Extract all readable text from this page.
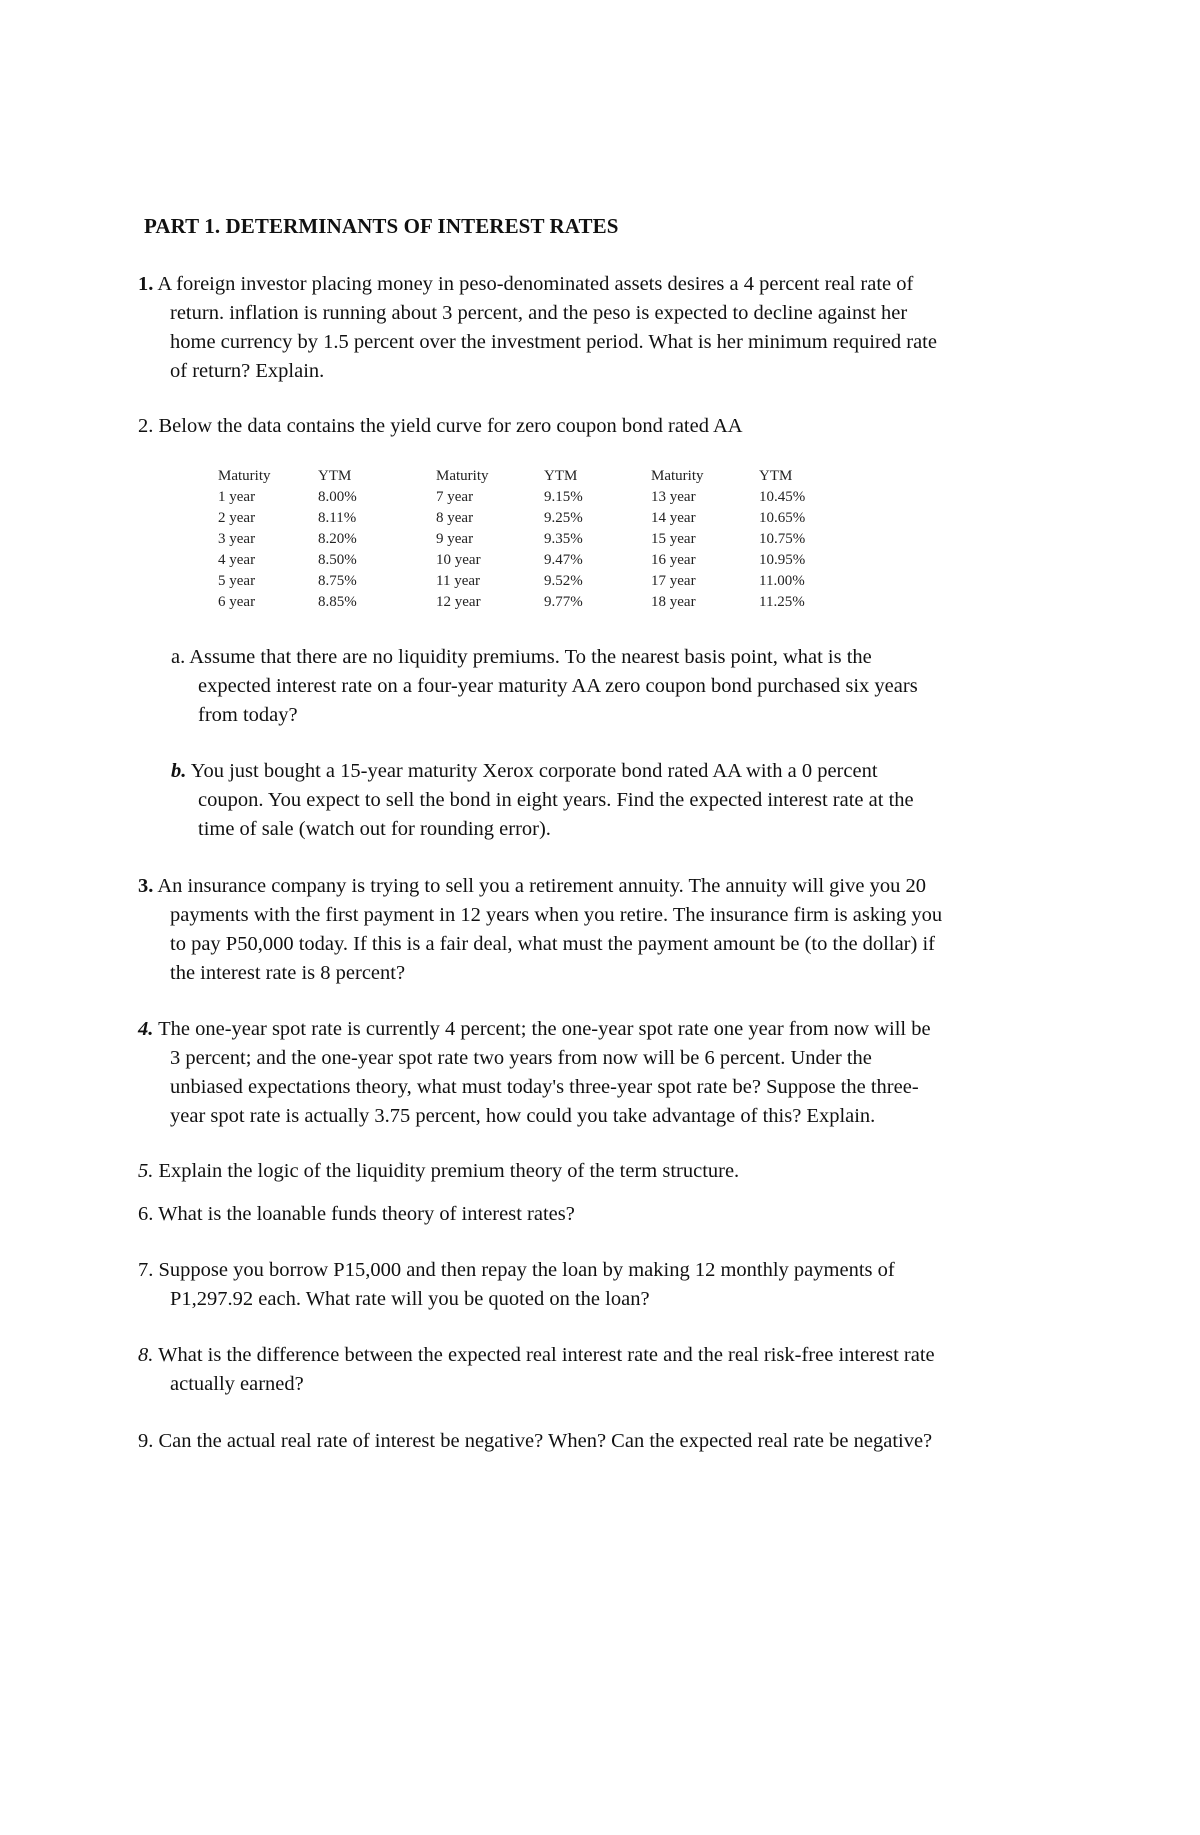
PART 1. DETERMINANTS OF INTEREST RATES
1. A foreign investor placing money in peso-denominated assets desires a 4 percent real rate of
return. inflation is running about 3 percent, and the peso is expected to decline against her
home currency by 1.5 percent over the investment period. What is her minimum required rate
of return? Explain.
2. Below the data contains the yield curve for zero coupon bond rated AA
Maturity	YTM	Maturity	YTM	Maturity	YTM
1 year	8.00%	7 year	9.15%	13 year	10.45%
2 year	8.11%	8 year	9.25%	14 year	10.65%
3 year	8.20%	9 year	9.35%	15 year	10.75%
4 year	8.50%	10 year	9.47%	16 year	10.95%
5 year	8.75%	11 year	9.52%	17 year	11.00%
6 year	8.85%	12 year	9.77%	18 year	11.25%
a. Assume that there are no liquidity premiums. To the nearest basis point, what is the
expected interest rate on a four-year maturity AA zero coupon bond purchased six years
from today?
b. You just bought a 15-year maturity Xerox corporate bond rated AA with a 0 percent
coupon. You expect to sell the bond in eight years. Find the expected interest rate at the
time of sale (watch out for rounding error).
3. An insurance company is trying to sell you a retirement annuity. The annuity will give you 20
payments with the first payment in 12 years when you retire. The insurance firm is asking you
to pay P50,000 today. If this is a fair deal, what must the payment amount be (to the dollar) if
the interest rate is 8 percent?
4. The one-year spot rate is currently 4 percent; the one-year spot rate one year from now will be
3 percent; and the one-year spot rate two years from now will be 6 percent. Under the
unbiased expectations theory, what must today's three-year spot rate be? Suppose the three-
year spot rate is actually 3.75 percent, how could you take advantage of this? Explain.
5. Explain the logic of the liquidity premium theory of the term structure.
6. What is the loanable funds theory of interest rates?
7. Suppose you borrow P15,000 and then repay the loan by making 12 monthly payments of
P1,297.92 each. What rate will you be quoted on the loan?
8. What is the difference between the expected real interest rate and the real risk-free interest rate
actually earned?
9. Can the actual real rate of interest be negative? When? Can the expected real rate be negative?
